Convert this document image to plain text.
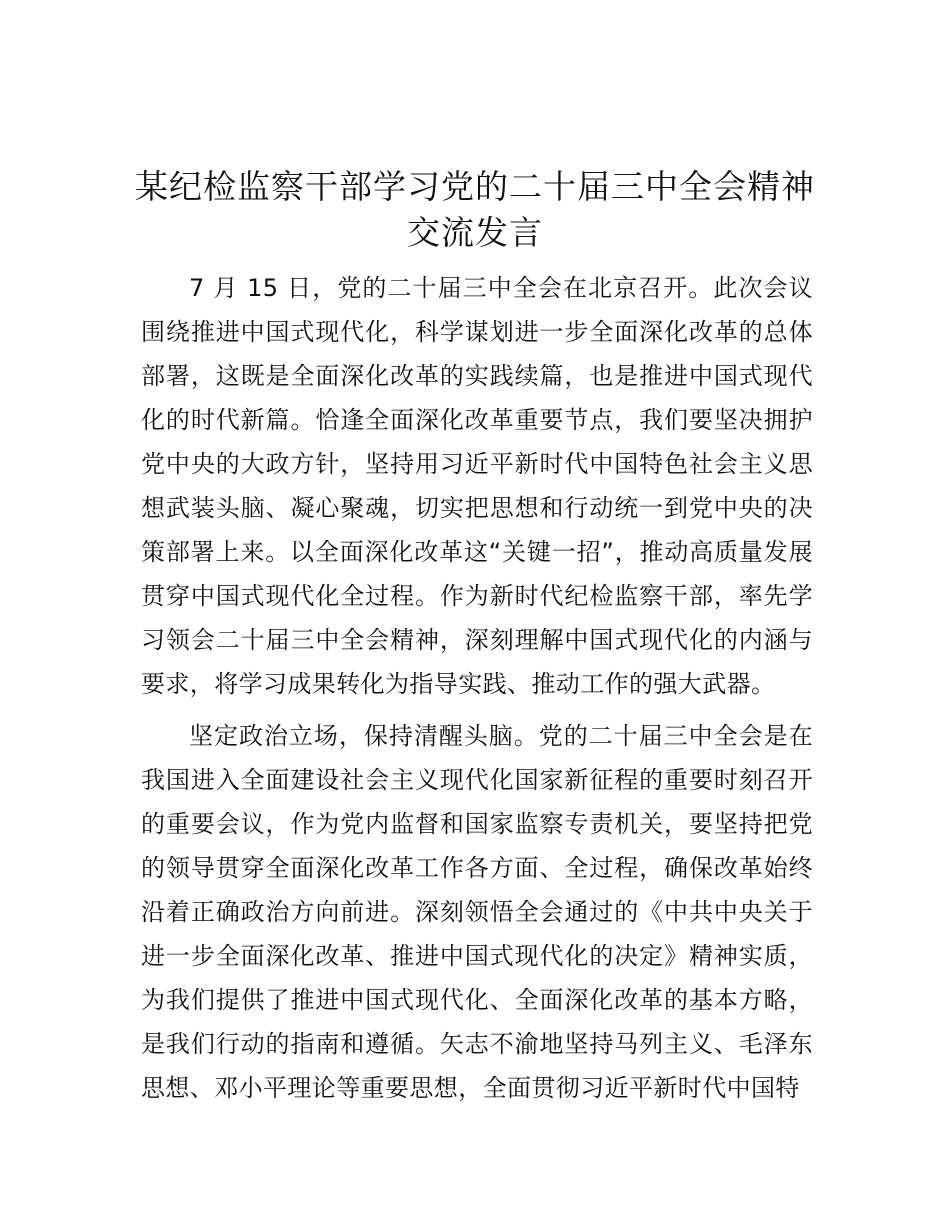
某纪检监察干部学习党的二十届三中全会精神
交流发言

7 月 15 日，党的二十届三中全会在北京召开。此次会议围绕推进中国式现代化，科学谋划进一步全面深化改革的总体部署，这既是全面深化改革的实践续篇，也是推进中国式现代化的时代新篇。恰逢全面深化改革重要节点，我们要坚决拥护党中央的大政方针，坚持用习近平新时代中国特色社会主义思想武装头脑、凝心聚魂，切实把思想和行动统一到党中央的决策部署上来。以全面深化改革这“关键一招”，推动高质量发展贯穿中国式现代化全过程。作为新时代纪检监察干部，率先学习领会二十届三中全会精神，深刻理解中国式现代化的内涵与要求，将学习成果转化为指导实践、推动工作的强大武器。

坚定政治立场，保持清醒头脑。党的二十届三中全会是在我国进入全面建设社会主义现代化国家新征程的重要时刻召开的重要会议，作为党内监督和国家监察专责机关，要坚持把党的领导贯穿全面深化改革工作各方面、全过程，确保改革始终沿着正确政治方向前进。深刻领悟全会通过的《中共中央关于进一步全面深化改革、推进中国式现代化的决定》精神实质，为我们提供了推进中国式现代化、全面深化改革的基本方略，是我们行动的指南和遵循。矢志不渝地坚持马列主义、毛泽东思想、邓小平理论等重要思想，全面贯彻习近平新时代中国特
